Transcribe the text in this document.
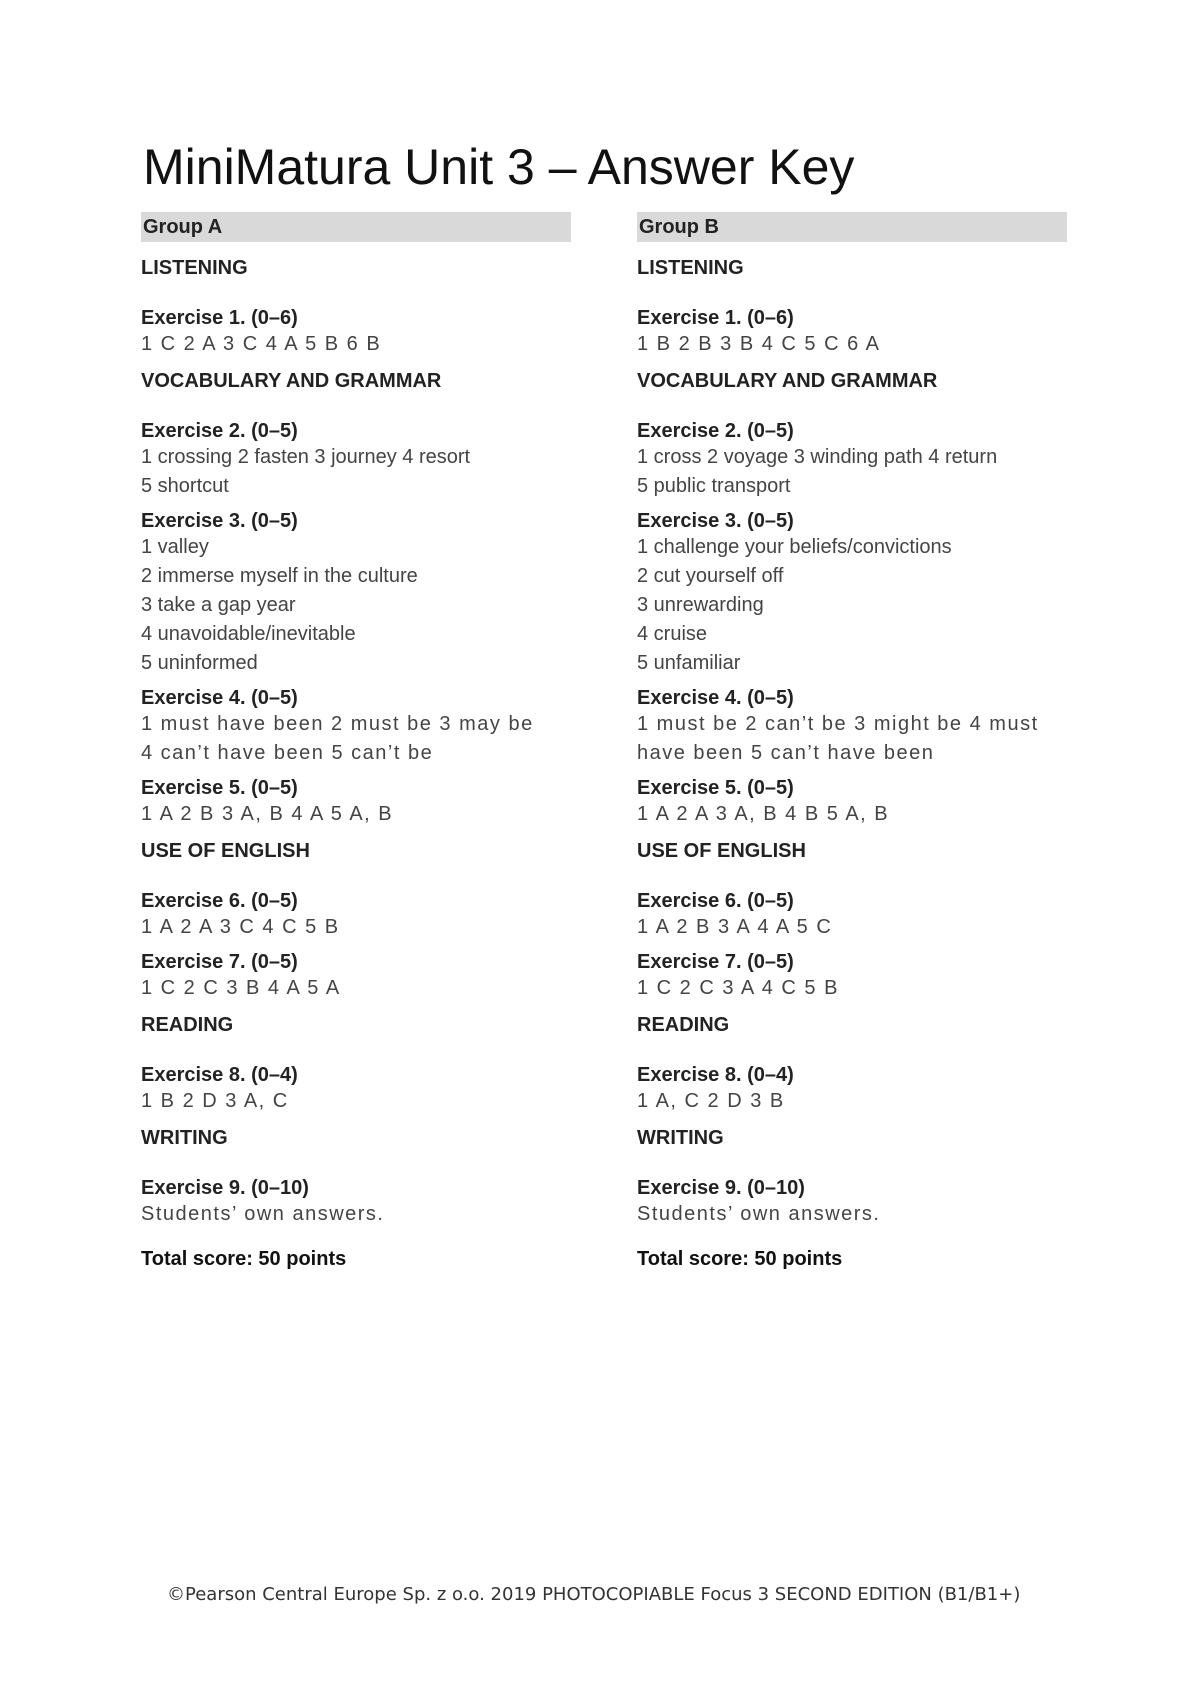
MiniMatura Unit 3 – Answer Key
Group A
LISTENING
Exercise 1. (0–6)
1 C 2 A 3 C 4 A 5 B 6 B
VOCABULARY AND GRAMMAR
Exercise 2. (0–5)
1 crossing 2 fasten 3 journey 4 resort
5 shortcut
Exercise 3. (0–5)
1 valley
2 immerse myself in the culture
3 take a gap year
4 unavoidable/inevitable
5 uninformed
Exercise 4. (0–5)
1 must have been 2 must be 3 may be
4 can’t have been 5 can’t be
Exercise 5. (0–5)
1 A 2 B 3 A, B 4 A 5 A, B
USE OF ENGLISH
Exercise 6. (0–5)
1 A 2 A 3 C 4 C 5 B
Exercise 7. (0–5)
1 C 2 C 3 B 4 A 5 A
READING
Exercise 8. (0–4)
1 B 2 D 3 A, C
WRITING
Exercise 9. (0–10)
Students’ own answers.
Total score: 50 points
Group B
LISTENING
Exercise 1. (0–6)
1 B 2 B 3 B 4 C 5 C 6 A
VOCABULARY AND GRAMMAR
Exercise 2. (0–5)
1 cross 2 voyage 3 winding path 4 return
5 public transport
Exercise 3. (0–5)
1 challenge your beliefs/convictions
2 cut yourself off
3 unrewarding
4 cruise
5 unfamiliar
Exercise 4. (0–5)
1 must be 2 can’t be 3 might be 4 must
have been 5 can’t have been
Exercise 5. (0–5)
1 A 2 A 3 A, B 4 B 5 A, B
USE OF ENGLISH
Exercise 6. (0–5)
1 A 2 B 3 A 4 A 5 C
Exercise 7. (0–5)
1 C 2 C 3 A 4 C 5 B
READING
Exercise 8. (0–4)
1 A, C 2 D 3 B
WRITING
Exercise 9. (0–10)
Students’ own answers.
Total score: 50 points
©Pearson Central Europe Sp. z o.o. 2019 PHOTOCOPIABLE Focus 3 SECOND EDITION (B1/B1+)
